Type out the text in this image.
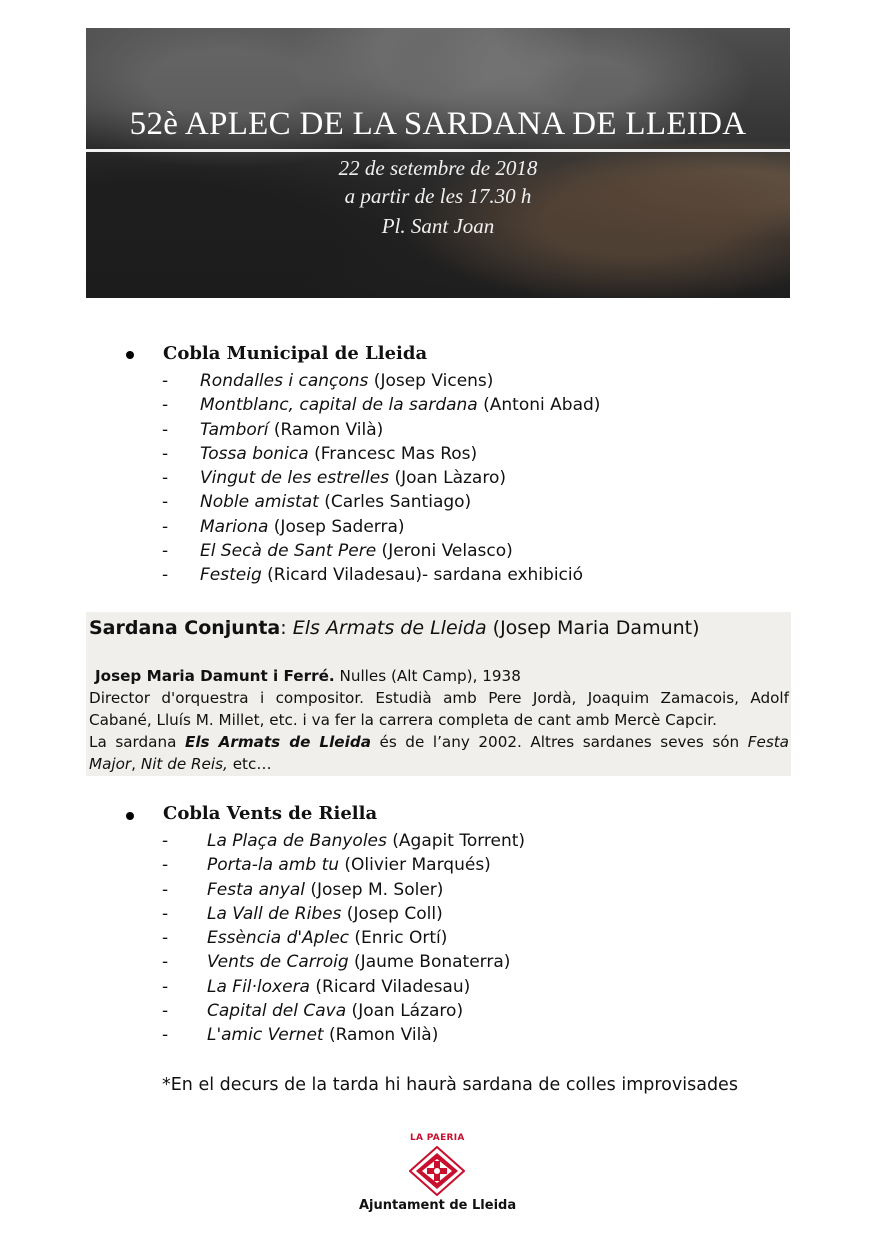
52è APLEC DE LA SARDANA DE LLEIDA
22 de setembre de 2018
a partir de les 17.30 h
Pl. Sant Joan
Cobla Municipal de Lleida
- Rondalles i cançons (Josep Vicens)
- Montblanc, capital de la sardana (Antoni Abad)
- Tamborí (Ramon Vilà)
- Tossa bonica (Francesc Mas Ros)
- Vingut de les estrelles (Joan Làzaro)
- Noble amistat (Carles Santiago)
- Mariona (Josep Saderra)
- El Secà de Sant Pere (Jeroni Velasco)
- Festeig (Ricard Viladesau)- sardana exhibició
Sardana Conjunta: Els Armats de Lleida (Josep Maria Damunt)
Josep Maria Damunt i Ferré. Nulles (Alt Camp), 1938
Director d'orquestra i compositor. Estudià amb Pere Jordà, Joaquim Zamacois, Adolf
Cabané, Lluís M. Millet, etc. i va fer la carrera completa de cant amb Mercè Capcir.
La sardana Els Armats de Lleida és de l’any 2002. Altres sardanes seves són Festa
Major, Nit de Reis, etc…
Cobla Vents de Riella
- La Plaça de Banyoles (Agapit Torrent)
- Porta-la amb tu (Olivier Marqués)
- Festa anyal (Josep M. Soler)
- La Vall de Ribes (Josep Coll)
- Essència d'Aplec (Enric Ortí)
- Vents de Carroig (Jaume Bonaterra)
- La Fil·loxera (Ricard Viladesau)
- Capital del Cava (Joan Lázaro)
- L'amic Vernet (Ramon Vilà)
*En el decurs de la tarda hi haurà sardana de colles improvisades
LA PAERIA
Ajuntament de Lleida
